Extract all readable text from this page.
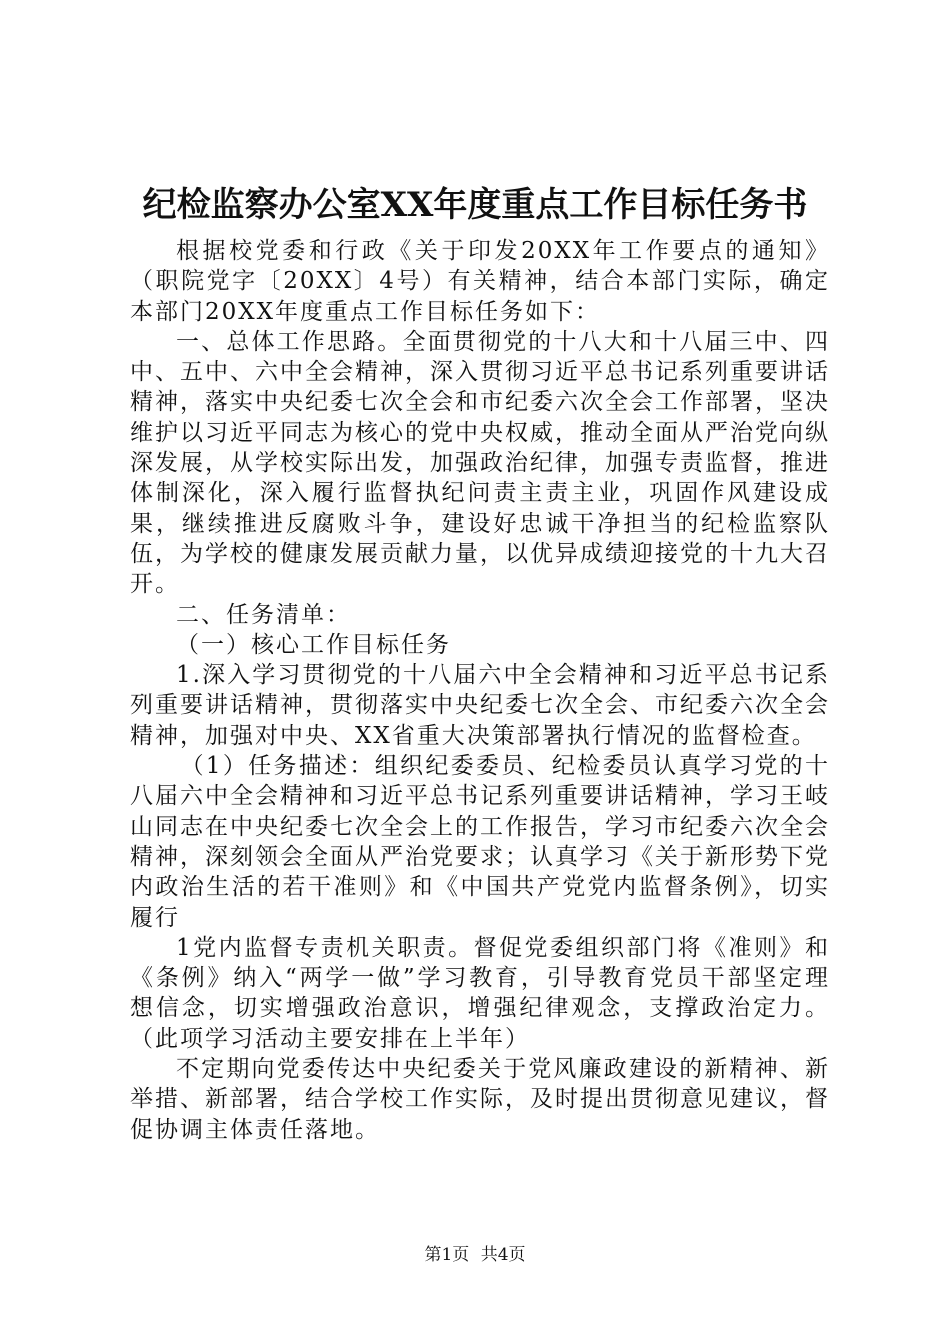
纪检监察办公室XX年度重点工作目标任务书

根据校党委和行政《关于印发20XX年工作要点的通知》（职院党字〔20XX〕4号）有关精神，结合本部门实际，确定本部门20XX年度重点工作目标任务如下：

一、总体工作思路。全面贯彻党的十八大和十八届三中、四中、五中、六中全会精神，深入贯彻习近平总书记系列重要讲话精神，落实中央纪委七次全会和市纪委六次全会工作部署，坚决维护以习近平同志为核心的党中央权威，推动全面从严治党向纵深发展，从学校实际出发，加强政治纪律，加强专责监督，推进体制深化，深入履行监督执纪问责主责主业，巩固作风建设成果，继续推进反腐败斗争，建设好忠诚干净担当的纪检监察队伍，为学校的健康发展贡献力量，以优异成绩迎接党的十九大召开。

二、任务清单：

（一）核心工作目标任务

1.深入学习贯彻党的十八届六中全会精神和习近平总书记系列重要讲话精神，贯彻落实中央纪委七次全会、市纪委六次全会精神，加强对中央、XX省重大决策部署执行情况的监督检查。

（1）任务描述：组织纪委委员、纪检委员认真学习党的十八届六中全会精神和习近平总书记系列重要讲话精神，学习王岐山同志在中央纪委七次全会上的工作报告，学习市纪委六次全会精神，深刻领会全面从严治党要求；认真学习《关于新形势下党内政治生活的若干准则》和《中国共产党党内监督条例》，切实履行

1党内监督专责机关职责。督促党委组织部门将《准则》和《条例》纳入“两学一做”学习教育，引导教育党员干部坚定理想信念，切实增强政治意识，增强纪律观念，支撑政治定力。（此项学习活动主要安排在上半年）

不定期向党委传达中央纪委关于党风廉政建设的新精神、新举措、新部署，结合学校工作实际，及时提出贯彻意见建议，督促协调主体责任落地。

第1页 共4页
